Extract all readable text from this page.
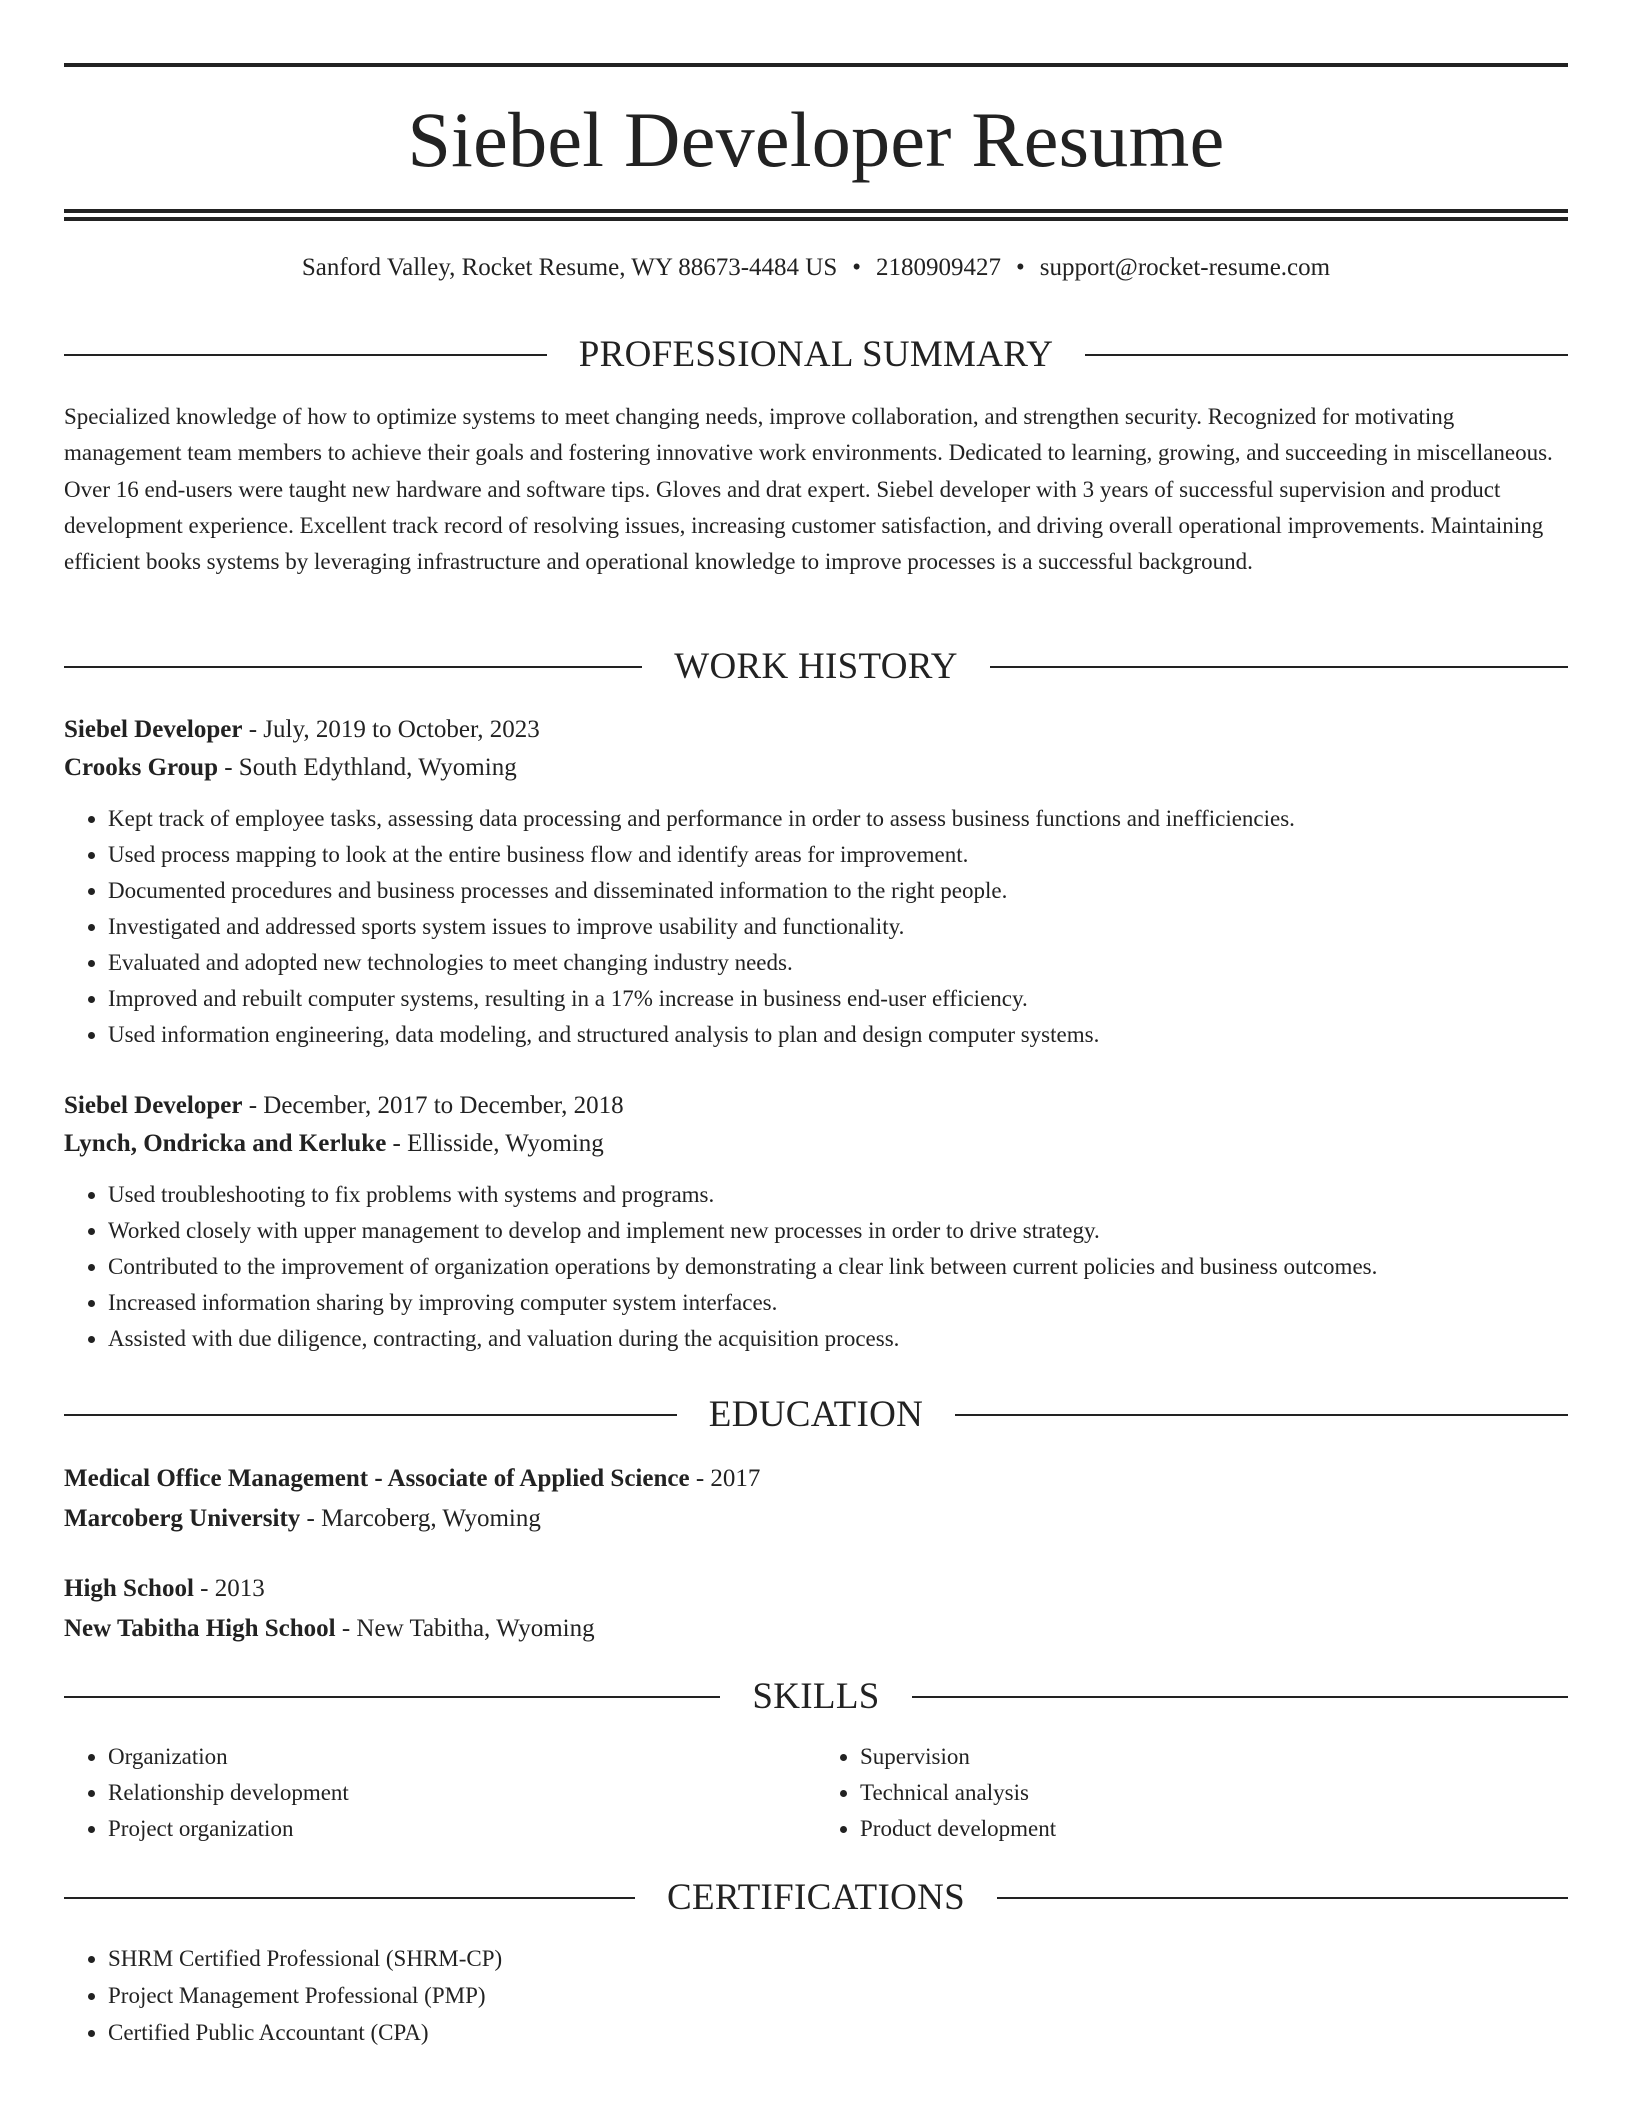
Siebel Developer Resume
Sanford Valley, Rocket Resume, WY 88673-4484 US • 2180909427 • support@rocket-resume.com
PROFESSIONAL SUMMARY

Specialized knowledge of how to optimize systems to meet changing needs, improve collaboration, and strengthen security. Recognized for motivating management team members to achieve their goals and fostering innovative work environments. Dedicated to learning, growing, and succeeding in miscellaneous. Over 16 end-users were taught new hardware and software tips. Gloves and drat expert. Siebel developer with 3 years of successful supervision and product development experience. Excellent track record of resolving issues, increasing customer satisfaction, and driving overall operational improvements. Maintaining efficient books systems by leveraging infrastructure and operational knowledge to improve processes is a successful background.

WORK HISTORY
Siebel Developer - July, 2019 to October, 2023
Crooks Group - South Edythland, Wyoming
• Kept track of employee tasks, assessing data processing and performance in order to assess business functions and inefficiencies.
• Used process mapping to look at the entire business flow and identify areas for improvement.
• Documented procedures and business processes and disseminated information to the right people.
• Investigated and addressed sports system issues to improve usability and functionality.
• Evaluated and adopted new technologies to meet changing industry needs.
• Improved and rebuilt computer systems, resulting in a 17% increase in business end-user efficiency.
• Used information engineering, data modeling, and structured analysis to plan and design computer systems.
Siebel Developer - December, 2017 to December, 2018
Lynch, Ondricka and Kerluke - Ellisside, Wyoming
• Used troubleshooting to fix problems with systems and programs.
• Worked closely with upper management to develop and implement new processes in order to drive strategy.
• Contributed to the improvement of organization operations by demonstrating a clear link between current policies and business outcomes.
• Increased information sharing by improving computer system interfaces.
• Assisted with due diligence, contracting, and valuation during the acquisition process.
EDUCATION
Medical Office Management - Associate of Applied Science - 2017
Marcoberg University - Marcoberg, Wyoming
High School - 2013
New Tabitha High School - New Tabitha, Wyoming
SKILLS
• Organization
• Relationship development
• Project organization
• Supervision
• Technical analysis
• Product development
CERTIFICATIONS
• SHRM Certified Professional (SHRM-CP)
• Project Management Professional (PMP)
• Certified Public Accountant (CPA)
